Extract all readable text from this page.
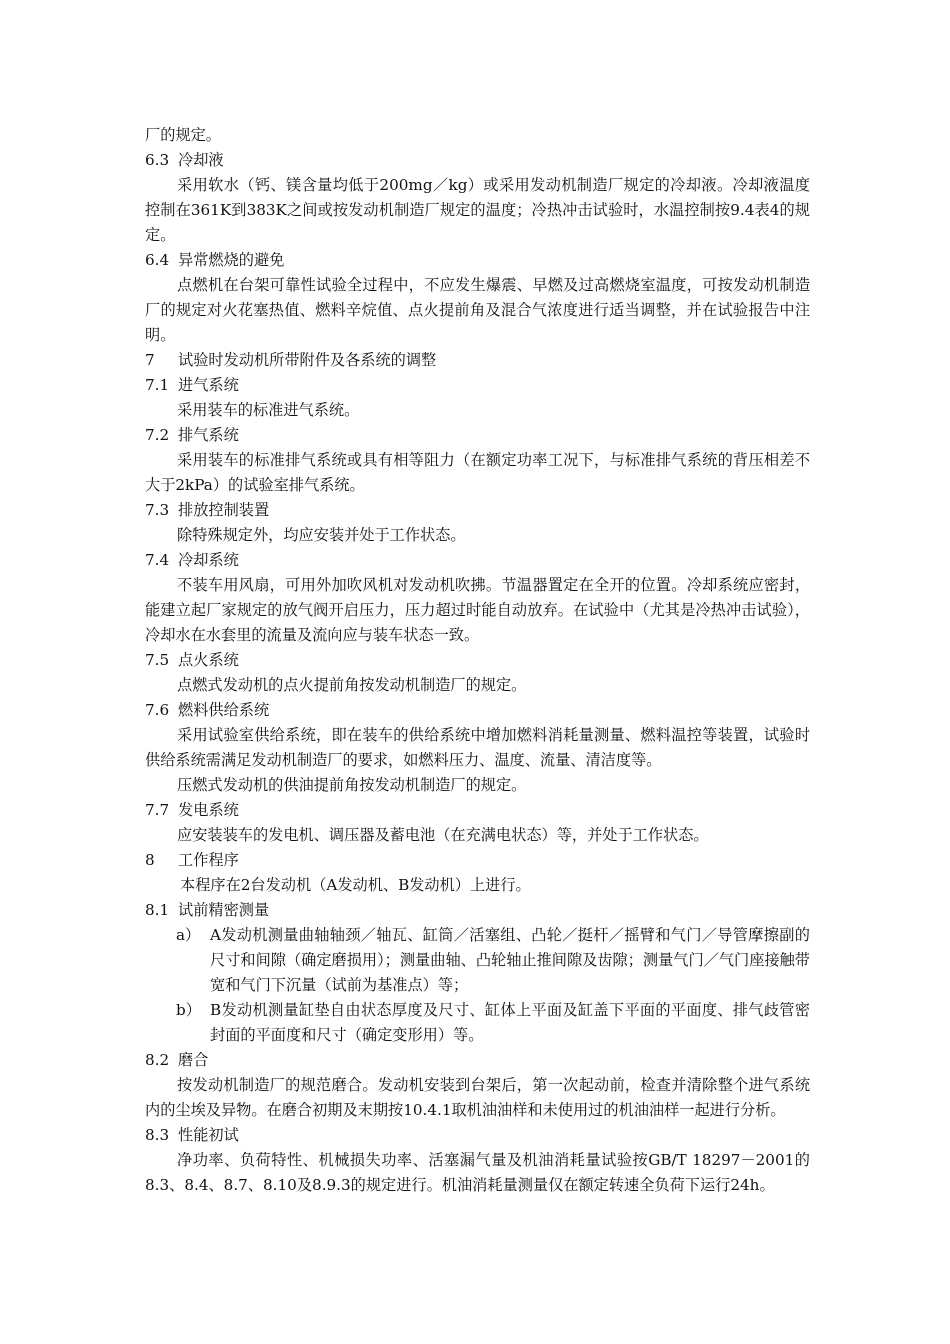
厂的规定。
6.3 冷却液
采用软水（钙、镁含量均低于200mg／kg）或采用发动机制造厂规定的冷却液。冷却液温度控制在361K到383K之间或按发动机制造厂规定的温度；冷热冲击试验时，水温控制按9.4表4的规定。
6.4 异常燃烧的避免
点燃机在台架可靠性试验全过程中，不应发生爆震、早燃及过高燃烧室温度，可按发动机制造厂的规定对火花塞热值、燃料辛烷值、点火提前角及混合气浓度进行适当调整，并在试验报告中注明。
7 试验时发动机所带附件及各系统的调整
7.1 进气系统
采用装车的标准进气系统。
7.2 排气系统
采用装车的标准排气系统或具有相等阻力（在额定功率工况下，与标准排气系统的背压相差不大于2kPa）的试验室排气系统。
7.3 排放控制装置
除特殊规定外，均应安装并处于工作状态。
7.4 冷却系统
不装车用风扇，可用外加吹风机对发动机吹拂。节温器置定在全开的位置。冷却系统应密封，能建立起厂家规定的放气阀开启压力，压力超过时能自动放弃。在试验中（尤其是冷热冲击试验），冷却水在水套里的流量及流向应与装车状态一致。
7.5 点火系统
点燃式发动机的点火提前角按发动机制造厂的规定。
7.6 燃料供给系统
采用试验室供给系统，即在装车的供给系统中增加燃料消耗量测量、燃料温控等装置，试验时供给系统需满足发动机制造厂的要求，如燃料压力、温度、流量、清洁度等。
压燃式发动机的供油提前角按发动机制造厂的规定。
7.7 发电系统
应安装装车的发电机、调压器及蓄电池（在充满电状态）等，并处于工作状态。
8 工作程序
本程序在2台发动机（A发动机、B发动机）上进行。
8.1 试前精密测量
a） A发动机测量曲轴轴颈／轴瓦、缸筒／活塞组、凸轮／挺杆／摇臂和气门／导管摩擦副的尺寸和间隙（确定磨损用）；测量曲轴、凸轮轴止推间隙及齿隙；测量气门／气门座接触带宽和气门下沉量（试前为基准点）等；
b） B发动机测量缸垫自由状态厚度及尺寸、缸体上平面及缸盖下平面的平面度、排气歧管密封面的平面度和尺寸（确定变形用）等。
8.2 磨合
按发动机制造厂的规范磨合。发动机安装到台架后，第一次起动前，检查并清除整个进气系统内的尘埃及异物。在磨合初期及末期按10.4.1取机油油样和未使用过的机油油样一起进行分析。
8.3 性能初试
净功率、负荷特性、机械损失功率、活塞漏气量及机油消耗量试验按GB/T 18297－2001的8.3、8.4、8.7、8.10及8.9.3的规定进行。机油消耗量测量仅在额定转速全负荷下运行24h。
